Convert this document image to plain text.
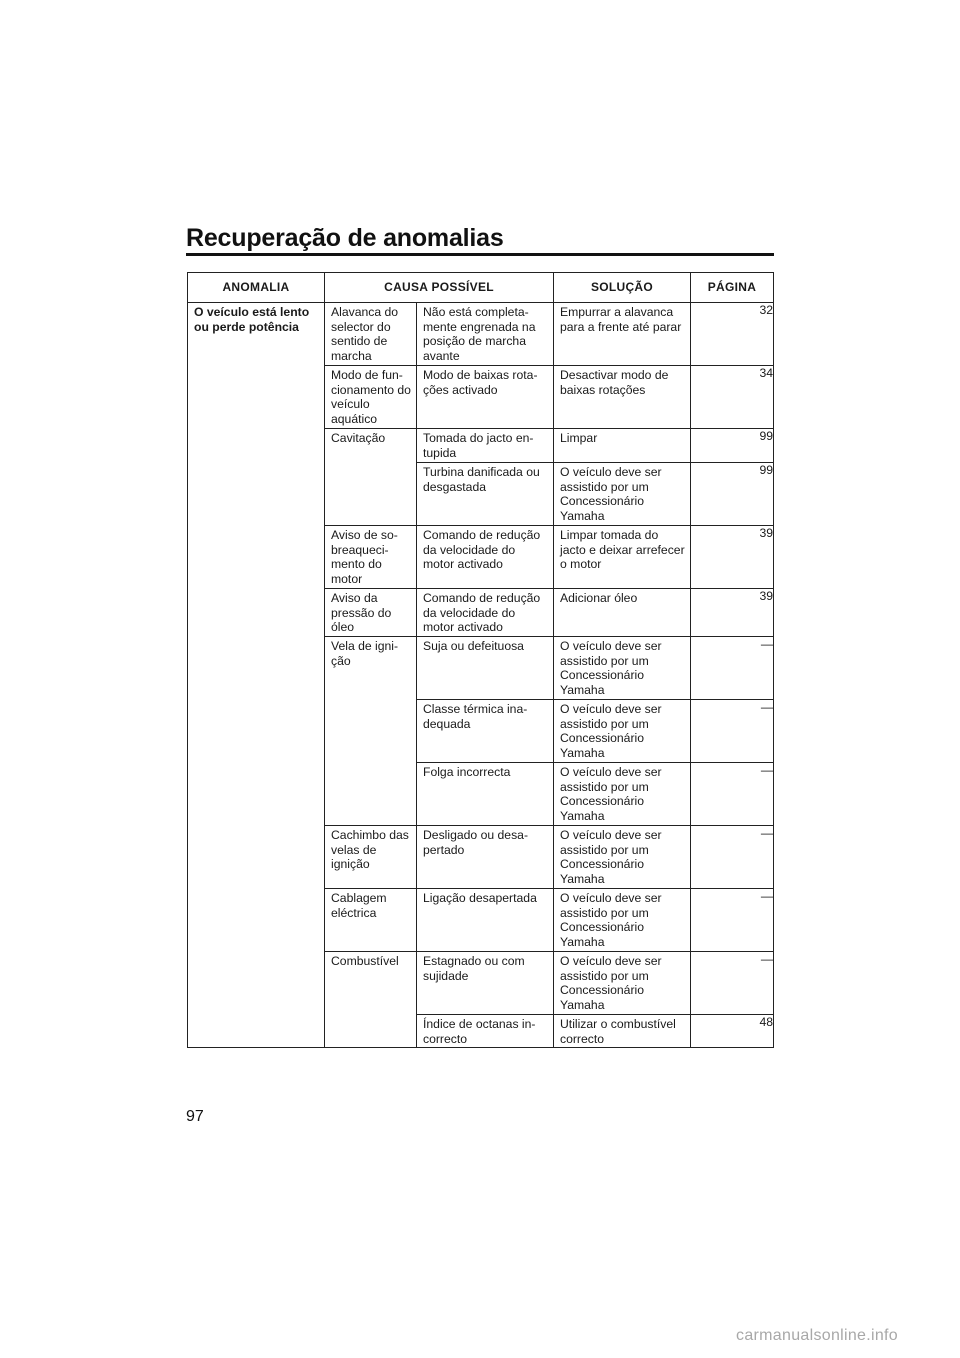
Recuperação de anomalias
ANOMALIA	CAUSA POSSÍVEL		SOLUÇÃO	PÁGINA

O veículo está lento ou perde potência	Alavanca do selector do sentido de marcha	Não está completamente engrenada na posição de marcha avante	Empurrar a alavanca para a frente até parar	32

	Modo de funcionamento do veículo aquático	Modo de baixas rotações activado	Desactivar modo de baixas rotações	34

	Cavitação	Tomada do jacto entupida	Limpar	99

		Turbina danificada ou desgastada	O veículo deve ser assistido por um Concessionário Yamaha	99

	Aviso de sobreaquecimento do motor	Comando de redução da velocidade do motor activado	Limpar tomada do jacto e deixar arrefecer o motor	39

	Aviso da pressão do óleo	Comando de redução da velocidade do motor activado	Adicionar óleo	39

	Vela de ignição	Suja ou defeituosa	O veículo deve ser assistido por um Concessionário Yamaha	—

		Classe térmica inadequada	O veículo deve ser assistido por um Concessionário Yamaha	—

		Folga incorrecta	O veículo deve ser assistido por um Concessionário Yamaha	—

	Cachimbo das velas de ignição	Desligado ou desapertado	O veículo deve ser assistido por um Concessionário Yamaha	—

	Cablagem eléctrica	Ligação desapertada	O veículo deve ser assistido por um Concessionário Yamaha	—

	Combustível	Estagnado ou com sujidade	O veículo deve ser assistido por um Concessionário Yamaha	—

		Índice de octanas incorrecto	Utilizar o combustível correcto	48
97
carmanualsonline.info
